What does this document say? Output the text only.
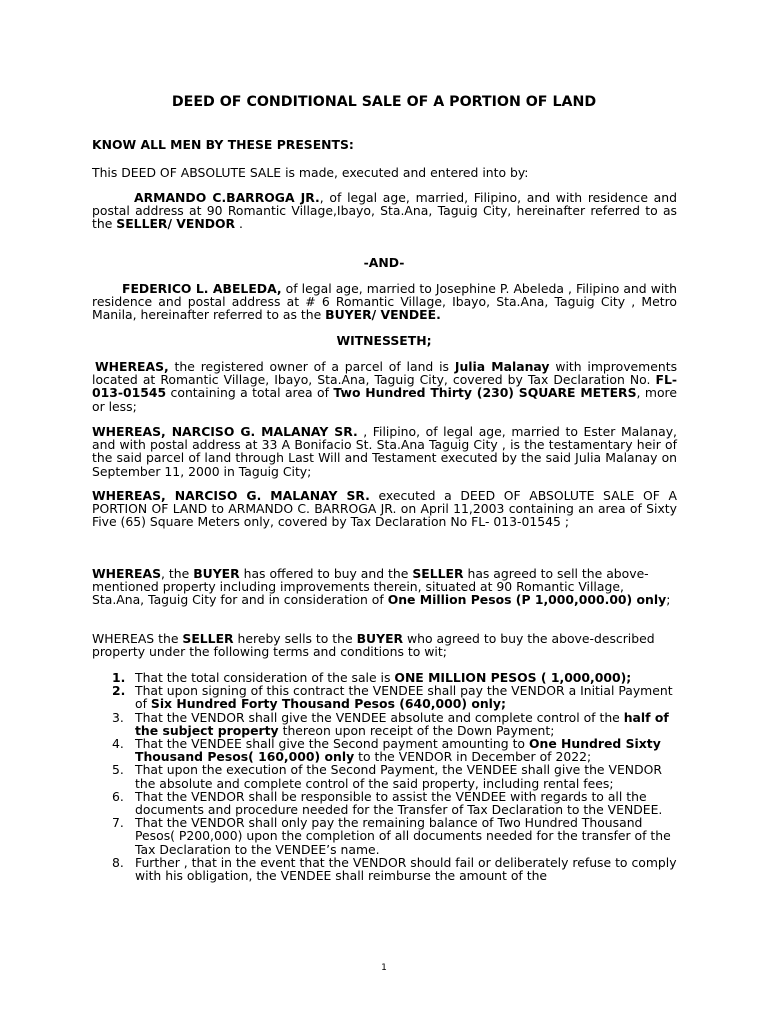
DEED OF CONDITIONAL SALE OF A PORTION OF LAND

KNOW ALL MEN BY THESE PRESENTS:

This DEED OF ABSOLUTE SALE is made, executed and entered into by:

ARMANDO C.BARROGA JR., of legal age, married, Filipino, and with residence and postal address at 90 Romantic Village,Ibayo, Sta.Ana, Taguig City, hereinafter referred to as the SELLER/ VENDOR .

-AND-

FEDERICO L. ABELEDA, of legal age, married to Josephine P. Abeleda , Filipino and with residence and postal address at # 6 Romantic Village, Ibayo, Sta.Ana, Taguig City , Metro Manila, hereinafter referred to as the BUYER/ VENDEE.

WITNESSETH;

WHEREAS, the registered owner of a parcel of land is Julia Malanay with improvements located at Romantic Village, Ibayo, Sta.Ana, Taguig City, covered by Tax Declaration No. FL- 013-01545 containing a total area of Two Hundred Thirty (230) SQUARE METERS, more or less;

WHEREAS, NARCISO G. MALANAY SR. , Filipino, of legal age, married to Ester Malanay, and with postal address at 33 A Bonifacio St. Sta.Ana Taguig City , is the testamentary heir of the said parcel of land through Last Will and Testament executed by the said Julia Malanay on September 11, 2000 in Taguig City;

WHEREAS, NARCISO G. MALANAY SR. executed a DEED OF ABSOLUTE SALE OF A PORTION OF LAND to ARMANDO C. BARROGA JR. on April 11,2003 containing an area of Sixty Five (65) Square Meters only, covered by Tax Declaration No FL- 013-01545 ;

WHEREAS, the BUYER has offered to buy and the SELLER has agreed to sell the above- mentioned property including improvements therein, situated at 90 Romantic Village, Sta.Ana, Taguig City for and in consideration of One Million Pesos (P 1,000,000.00) only;

WHEREAS the SELLER hereby sells to the BUYER who agreed to buy the above-described property under the following terms and conditions to wit;

1. That the total consideration of the sale is ONE MILLION PESOS ( 1,000,000);
2. That upon signing of this contract the VENDEE shall pay the VENDOR a Initial Payment of Six Hundred Forty Thousand Pesos (640,000) only;
3. That the VENDOR shall give the VENDEE absolute and complete control of the half of the subject property thereon upon receipt of the Down Payment;
4. That the VENDEE shall give the Second payment amounting to One Hundred Sixty Thousand Pesos( 160,000) only to the VENDOR in December of 2022;
5. That upon the execution of the Second Payment, the VENDEE shall give the VENDOR the absolute and complete control of the said property, including rental fees;
6. That the VENDOR shall be responsible to assist the VENDEE with regards to all the documents and procedure needed for the Transfer of Tax Declaration to the VENDEE.
7. That the VENDOR shall only pay the remaining balance of Two Hundred Thousand Pesos( P200,000) upon the completion of all documents needed for the transfer of the Tax Declaration to the VENDEE’s name.
8. Further , that in the event that the VENDOR should fail or deliberately refuse to comply with his obligation, the VENDEE shall reimburse the amount of the
1
